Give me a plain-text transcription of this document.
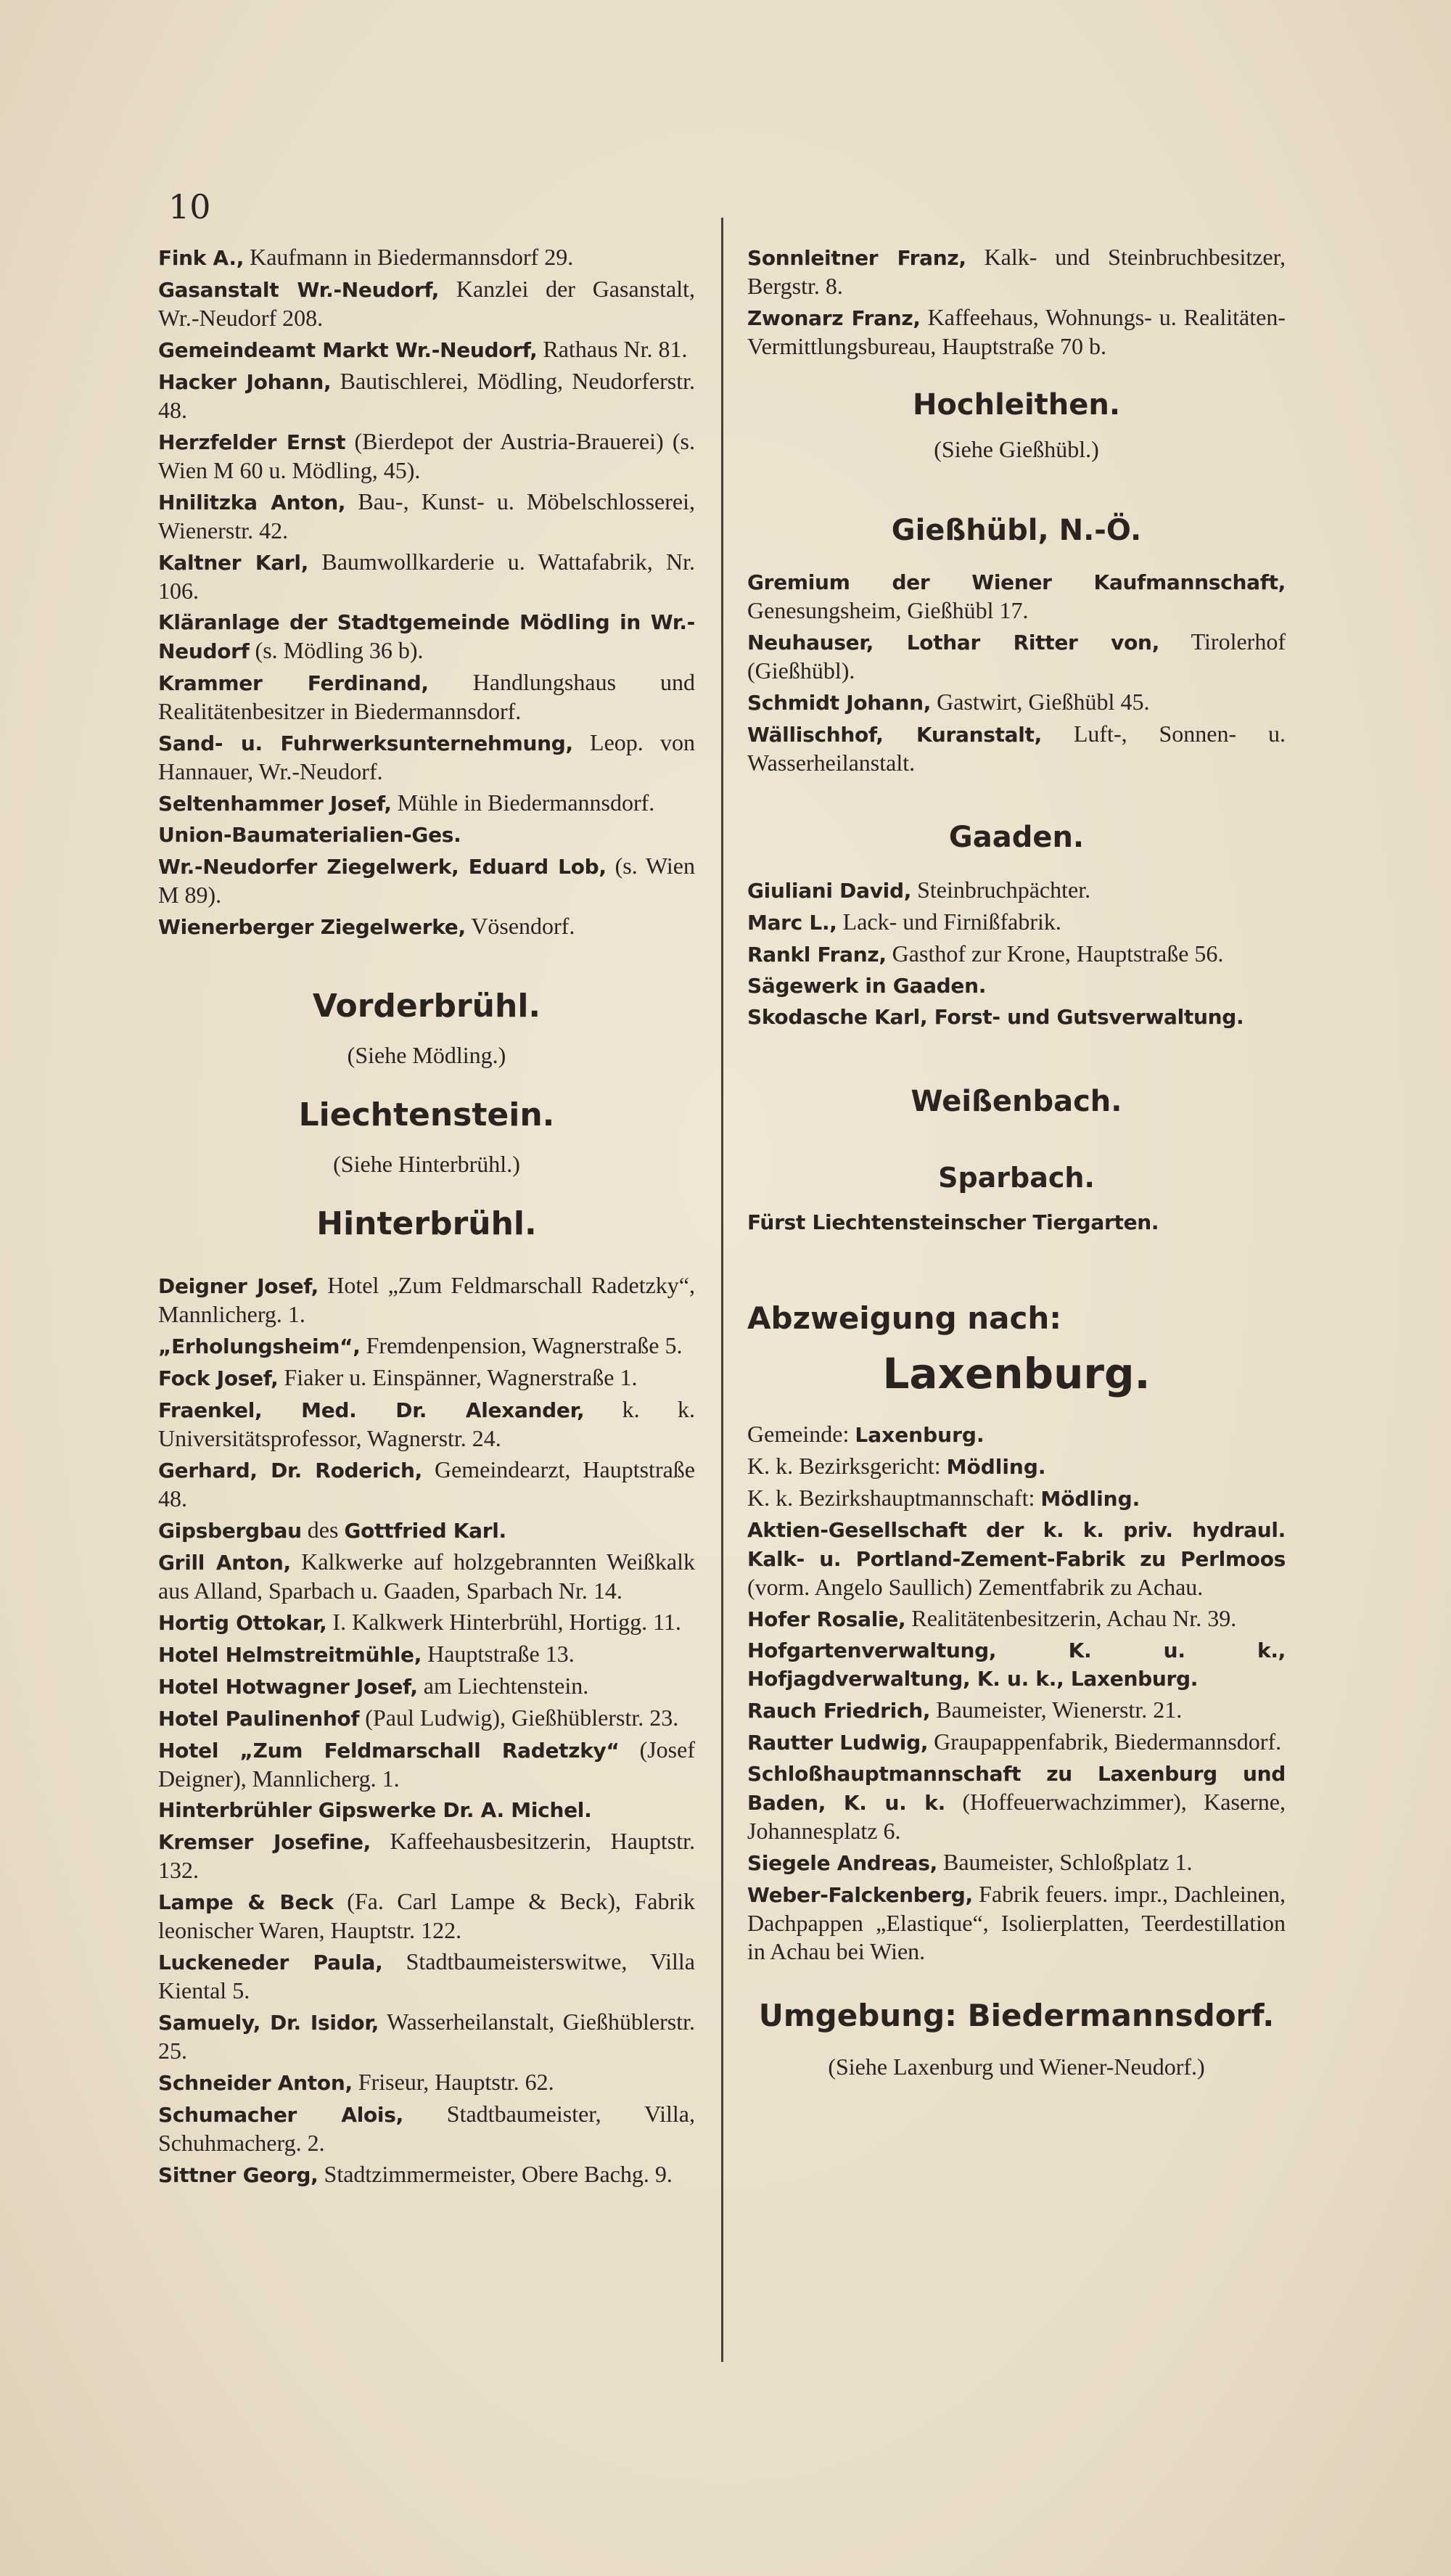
10

Fink A., Kaufmann in Biedermannsdorf 29.

Gasanstalt Wr.-Neudorf, Kanzlei der Gasanstalt, Wr.-Neudorf 208.

Gemeindeamt Markt Wr.-Neudorf, Rathaus Nr. 81.

Hacker Johann, Bautischlerei, Mödling, Neudorferstr. 48.

Herzfelder Ernst (Bierdepot der Austria-Brauerei) (s. Wien M 60 u. Mödling, 45).

Hnilitzka Anton, Bau-, Kunst- u. Möbelschlosserei, Wienerstr. 42.

Kaltner Karl, Baumwollkarderie u. Wattafabrik, Nr. 106.

Kläranlage der Stadtgemeinde Mödling in Wr.-Neudorf (s. Mödling 36 b).

Krammer Ferdinand, Handlungshaus und Realitätenbesitzer in Biedermannsdorf.

Sand- u. Fuhrwerksunternehmung, Leop. von Hannauer, Wr.-Neudorf.

Seltenhammer Josef, Mühle in Biedermannsdorf.

Union-Baumaterialien-Ges.

Wr.-Neudorfer Ziegelwerk, Eduard Lob, (s. Wien M 89).

Wienerberger Ziegelwerke, Vösendorf.

Vorderbrühl.

(Siehe Mödling.)

Liechtenstein.

(Siehe Hinterbrühl.)

Hinterbrühl.

Deigner Josef, Hotel „Zum Feldmarschall Radetzky“, Mannlicherg. 1.

„Erholungsheim“, Fremdenpension, Wagnerstraße 5.

Fock Josef, Fiaker u. Einspänner, Wagnerstraße 1.

Fraenkel, Med. Dr. Alexander, k. k. Universitätsprofessor, Wagnerstr. 24.

Gerhard, Dr. Roderich, Gemeindearzt, Hauptstraße 48.

Gipsbergbau des Gottfried Karl.

Grill Anton, Kalkwerke auf holzgebrannten Weißkalk aus Alland, Sparbach u. Gaaden, Sparbach Nr. 14.

Hortig Ottokar, I. Kalkwerk Hinterbrühl, Hortigg. 11.

Hotel Helmstreitmühle, Hauptstraße 13.

Hotel Hotwagner Josef, am Liechtenstein.

Hotel Paulinenhof (Paul Ludwig), Gießhüblerstr. 23.

Hotel „Zum Feldmarschall Radetzky“ (Josef Deigner), Mannlicherg. 1.

Hinterbrühler Gipswerke Dr. A. Michel.

Kremser Josefine, Kaffeehausbesitzerin, Hauptstr. 132.

Lampe & Beck (Fa. Carl Lampe & Beck), Fabrik leonischer Waren, Hauptstr. 122.

Luckeneder Paula, Stadtbaumeisterswitwe, Villa Kiental 5.

Samuely, Dr. Isidor, Wasserheilanstalt, Gießhüblerstr. 25.

Schneider Anton, Friseur, Hauptstr. 62.

Schumacher Alois, Stadtbaumeister, Villa, Schuhmacherg. 2.

Sittner Georg, Stadtzimmermeister, Obere Bachg. 9.

Sonnleitner Franz, Kalk- und Steinbruchbesitzer, Bergstr. 8.

Zwonarz Franz, Kaffeehaus, Wohnungs- u. Realitäten-Vermittlungsbureau, Hauptstraße 70 b.

Hochleithen.

(Siehe Gießhübl.)

Gießhübl, N.-Ö.

Gremium der Wiener Kaufmannschaft, Genesungsheim, Gießhübl 17.

Neuhauser, Lothar Ritter von, Tirolerhof (Gießhübl).

Schmidt Johann, Gastwirt, Gießhübl 45.

Wällischhof, Kuranstalt, Luft-, Sonnen- u. Wasserheilanstalt.

Gaaden.

Giuliani David, Steinbruchpächter.

Marc L., Lack- und Firnißfabrik.

Rankl Franz, Gasthof zur Krone, Hauptstraße 56.

Sägewerk in Gaaden.

Skodasche Karl, Forst- und Gutsverwaltung.

Weißenbach.

Sparbach.

Fürst Liechtensteinscher Tiergarten.

Abzweigung nach:

Laxenburg.

Gemeinde: Laxenburg.

K. k. Bezirksgericht: Mödling.

K. k. Bezirkshauptmannschaft: Mödling.

Aktien-Gesellschaft der k. k. priv. hydraul. Kalk- u. Portland-Zement-Fabrik zu Perlmoos (vorm. Angelo Saullich) Zementfabrik zu Achau.

Hofer Rosalie, Realitätenbesitzerin, Achau Nr. 39.

Hofgartenverwaltung, K. u. k., Hofjagdverwaltung, K. u. k., Laxenburg.

Rauch Friedrich, Baumeister, Wienerstr. 21.

Rautter Ludwig, Graupappenfabrik, Biedermannsdorf.

Schloßhauptmannschaft zu Laxenburg und Baden, K. u. k. (Hoffeuerwachzimmer), Kaserne, Johannesplatz 6.

Siegele Andreas, Baumeister, Schloßplatz 1.

Weber-Falckenberg, Fabrik feuers. impr., Dachleinen, Dachpappen „Elastique“, Isolierplatten, Teerdestillation in Achau bei Wien.

Umgebung: Biedermannsdorf.

(Siehe Laxenburg und Wiener-Neudorf.)
